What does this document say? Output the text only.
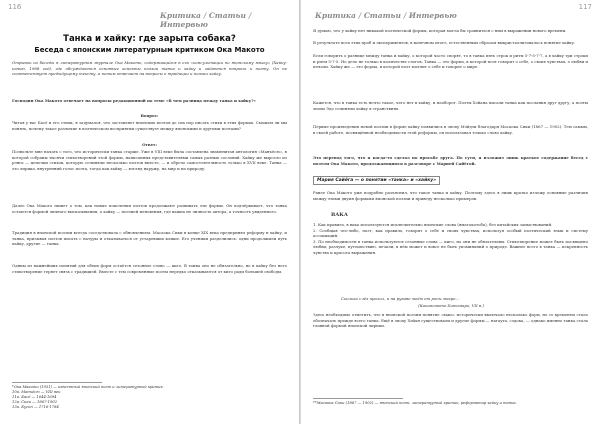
116
Критика / Статьи / Интервью
Танка и хайку: где зарыта собака?
Беседа с японским литературным критиком Ока Макото
Отрывок из беседы в литературном журнале Ока Макото, содержащийся в его «консультации по японскому языку» (Хайку-кэнкю, 1988 год), где обсуждаются основные аспекты поэзии танка и хайку и задаются вопросы к поэту. Он не соответствует предыдущему тексту, а потом отвечает на вопросы о традиции и поэзии хайку.
Господин Ока Макото отвечает на вопросы редакционной по теме «В чем разница между танка и хайку?»
Вопрос:
Читая у вас Басё и его стихи, я задумался, что заставляет японских поэтов до сих пор писать стихи в этих формах. Сможем ли мы понять, почему такое различие в поэтическом восприятии существует между японскими и другими поэтами?
Ответ:
Позвольте мне начать с того, что исторически танка старше. Уже в VIII веке была составлена знаменитая антология «Манъёсю», в которой собраны тысячи стихотворений этой формы, написанных представителями самых разных сословий. Хайку же выросло из рэнга — цепочки стихов, которую сочиняли несколько поэтов вместе, — и обрело самостоятельность только в XVII веке. Танка — это лирика, внутренний голос поэта, тогда как хайку — взгляд наружу, на мир и на природу.
Далее Ока Макото пишет о том, как новые поколения поэтов продолжают развивать эти формы. Он подчёркивает, что танка остаются формой личного высказывания, а хайку — поэзией мгновения, где важна не личность автора, а точность увиденного.
Традиция в японской поэзии всегда соседствовала с обновлением. Масаока Сики в конце XIX века предпринял реформу и хайку, и танка, призывая поэтов писать с натуры и отказываться от устаревших клише. Его ученики разделились: одни продолжили путь хайку, другие — танка.
Одним из важнейших понятий для обеих форм остаётся сезонное слово — киго. В танка оно не обязательно, но в хайку без него стихотворение теряет связь с традицией. Вместе с тем современные поэты нередко отказываются от киго ради большей свободы.
*Ока Макото (1931) — известный японский поэт и литературный критик.
10а. Манъёсю — VIII век
11а. Басё — 1644-1694
12а. Сики — 1867-1902
13а. Бусон — 1716-1784
117
Критика / Статьи / Интервью
Я думаю, что у хайку нет никакой поэтической формы, которая могла бы сравниться с ним в выражении нового времени.
В результате всех этих проб и экспериментов, в конечном итоге, естественным образом выкристаллизовалось понятие хайку.
Если говорить о разнице между танка и хайку, о которой часто спорят, то в танка пять строк и ритм 5-7-5-7-7, а в хайку три строки и ритм 5-7-5. Но дело не только в количестве слогов. Танка — это форма, в которой поэт говорит о себе, о своих чувствах, о любви и печали. Хайку же — это форма, в которой поэт молчит о себе и говорит о мире.
Кажется, что в танка есть нечто такое, чего нет в хайку, и наоборот. Поэты Хэйана писали танка как послания друг другу, а поэты эпохи Эдо сочиняли хайку в странствиях.
Первые произведения новой поэзии в форме хайку появились в эпоху Мэйдзи благодаря Масаока Сики (1867 — 1902). Тем самым, в своей работе, посвящённой необходимости этой реформы, он использовал только слово хайку.
Это перевод того, что я когда-то сделал по просьбе друга. По сути, я изложил лишь краткое содержание бесед с поэтом Ока Макото, продолжающимся в разговоре с Марией Сайёгой.
Мария Сайёга — о понятии «танка» и «хайку»
Ранее Ока Макото уже подробно разъяснил, что такое танка и хайку. Поэтому здесь я лишь кратко изложу основные различия между этими двумя формами японской поэзии и приведу несколько примеров.
ВАКА
1. Как правило, в вака используются исключительно японские слова (яматокотоба), без китайских заимствований.
2. Сообщая что-либо, поэт, как правило, говорит о себе и своих чувствах, используя особый поэтический язык и систему ассоциаций.
3. По необходимости в танка используются сезонные слова — киго, но они не обязательны. Стихотворение может быть посвящено любви, разлуке, путешествию, печали, в нём может и вовсе не быть упоминаний о природе. Важнее всего в танка — искренность чувства и красота выражения.
Сколько слёз пролил, и на рукаве моём от росы мокро...
(Какиномото Хитомаро, VII в.)
Здесь необходимо отметить, что в японской поэзии понятие «вака» исторически включало несколько форм, но со временем стало обозначать прежде всего танка. Ещё в эпоху Хэйан существовали и другие формы — нагаута, сэдока, — однако именно танка стала главной формой японской лирики.
**Масаока Сики (1867 — 1902) — японский поэт, литературный критик, реформатор хайку и танка.
